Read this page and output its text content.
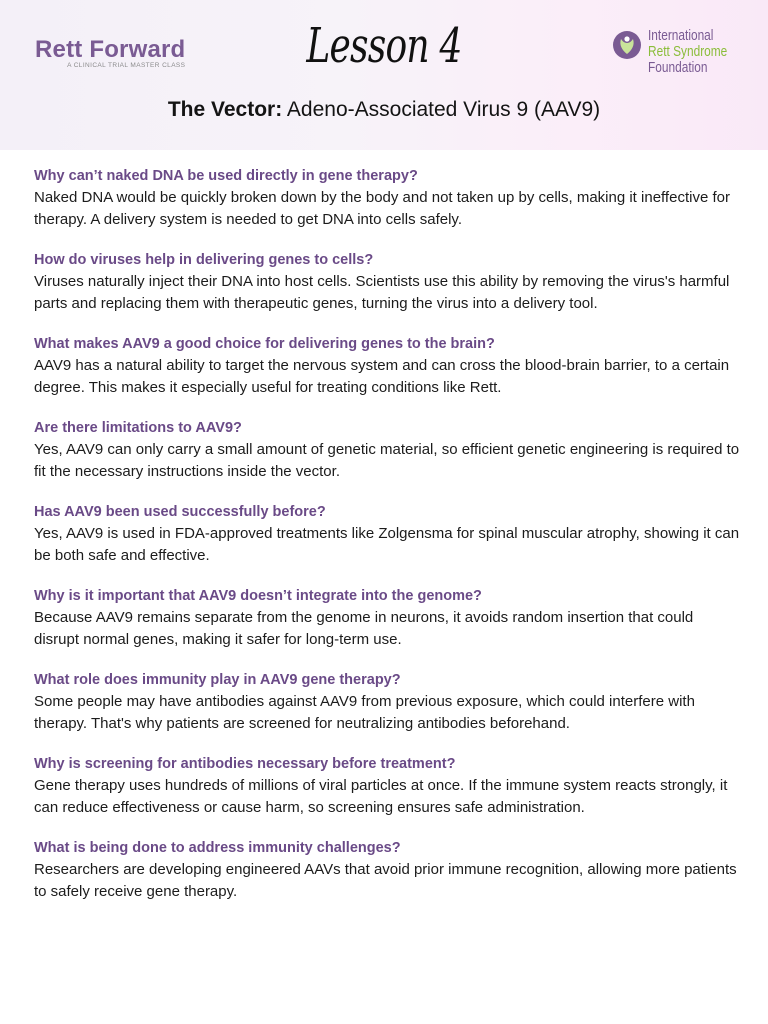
Rett Forward
A CLINICAL TRIAL MASTER CLASS	Lesson 4	International
Rett Syndrome
Foundation
The Vector: Adeno-Associated Virus 9 (AAV9)

Why can’t naked DNA be used directly in gene therapy?

Naked DNA would be quickly broken down by the body and not taken up by cells, making it ineffective for therapy. A delivery system is needed to get DNA into cells safely.

How do viruses help in delivering genes to cells?

Viruses naturally inject their DNA into host cells. Scientists use this ability by removing the virus's harmful parts and replacing them with therapeutic genes, turning the virus into a delivery tool.

What makes AAV9 a good choice for delivering genes to the brain?

AAV9 has a natural ability to target the nervous system and can cross the blood-brain barrier, to a certain degree. This makes it especially useful for treating conditions like Rett.

Are there limitations to AAV9?

Yes, AAV9 can only carry a small amount of genetic material, so efficient genetic engineering is required to fit the necessary instructions inside the vector.

Has AAV9 been used successfully before?

Yes, AAV9 is used in FDA-approved treatments like Zolgensma for spinal muscular atrophy, showing it can be both safe and effective.

Why is it important that AAV9 doesn’t integrate into the genome?

Because AAV9 remains separate from the genome in neurons, it avoids random insertion that could disrupt normal genes, making it safer for long-term use.

What role does immunity play in AAV9 gene therapy?

Some people may have antibodies against AAV9 from previous exposure, which could interfere with therapy. That's why patients are screened for neutralizing antibodies beforehand.

Why is screening for antibodies necessary before treatment?

Gene therapy uses hundreds of millions of viral particles at once. If the immune system reacts strongly, it can reduce effectiveness or cause harm, so screening ensures safe administration.

What is being done to address immunity challenges?

Researchers are developing engineered AAVs that avoid prior immune recognition, allowing more patients to safely receive gene therapy.
